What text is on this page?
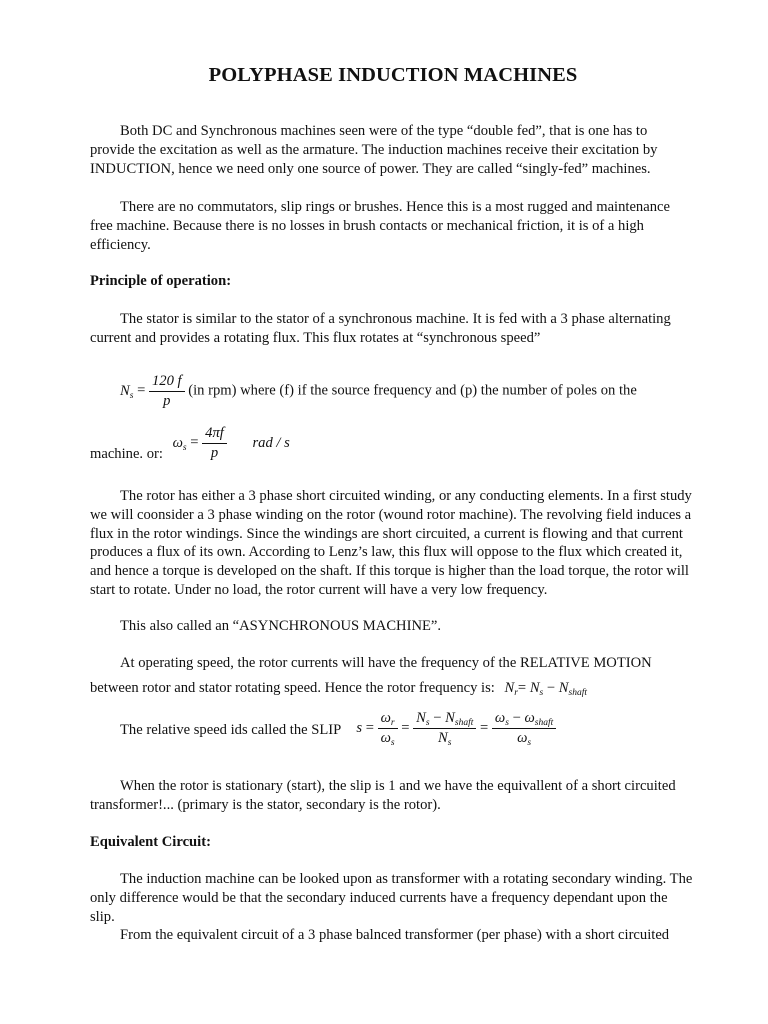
POLYPHASE INDUCTION MACHINES

Both DC and Synchronous machines seen were of the type “double fed”, that is one has to provide the excitation as well as the armature. The induction machines receive their excitation by INDUCTION, hence we need only one source of power. They are called “singly-fed” machines.

There are no commutators, slip rings or brushes. Hence this is a most rugged and maintenance free machine. Because there is no losses in brush contacts or mechanical friction, it is of a high efficiency.

Principle of operation:

The stator is similar to the stator of a synchronous machine. It is fed with a 3 phase alternating current and provides a rotating flux. This flux rotates at “synchronous speed”

$N_s = \frac{120 f}{p} (in$ rpm) where (f) if the source frequency and (p) the number of poles on the
machine. or: $\omega_s = \frac{4\pi f}{p}$ rad / s

The rotor has either a 3 phase short circuited winding, or any conducting elements. In a first study we will coonsider a 3 phase winding on the rotor (wound rotor machine). The revolving field induces a flux in the rotor windings. Since the windings are short circuited, a current is flowing and that current produces a flux of its own. According to Lenz’s law, this flux will oppose to the flux which created it, and hence a torque is developed on the shaft. If this torque is higher than the load torque, the rotor will start to rotate. Under no load, the rotor current will have a very low frequency.

This also called an “ASYNCHRONOUS MACHINE”.

At operating speed, the rotor currents will have the frequency of the RELATIVE MOTION

between rotor and stator rotating speed. Hence the rotor frequency is: $N_r= N_s - N_{shaft}$
The relative speed ids called the SLIP $s = \frac{\omega_r}{\omega_s} = \frac{N_s - N_{shaft}}{N_s} = \frac{\omega_s - \omega_{shaft}}{\omega_s}$

When the rotor is stationary (start), the slip is 1 and we have the equivallent of a short circuited transformer!... (primary is the stator, secondary is the rotor).

Equivalent Circuit:

The induction machine can be looked upon as transformer with a rotating secondary winding. The only difference would be that the secondary induced currents have a frequency dependant upon the slip.

From the equivalent circuit of a 3 phase balnced transformer (per phase) with a short circuited
